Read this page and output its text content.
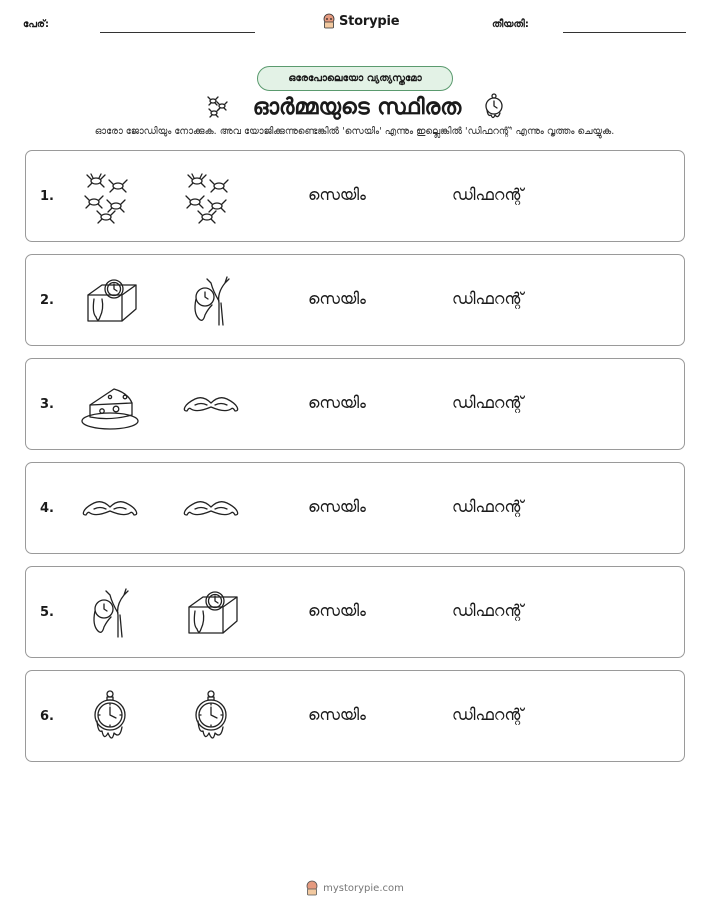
പേര്:	Storypie	തീയതി:
ഒരേപോലെയോ വ്യത്യസ്തമോ
ഓർമ്മയുടെ സ്ഥിരത
ഓരോ ജോഡിയും നോക്കുക. അവ യോജിക്കുന്നുണ്ടെങ്കിൽ 'സെയിം' എന്നും ഇല്ലെങ്കിൽ 'ഡിഫറന്റ്' എന്നും വൃത്തം ചെയ്യുക.
1.	സെയിം	ഡിഫറന്റ്
2.	സെയിം	ഡിഫറന്റ്
3.	സെയിം	ഡിഫറന്റ്
4.	സെയിം	ഡിഫറന്റ്
5.	സെയിം	ഡിഫറന്റ്
6.	സെയിം	ഡിഫറന്റ്
mystorypie.com
